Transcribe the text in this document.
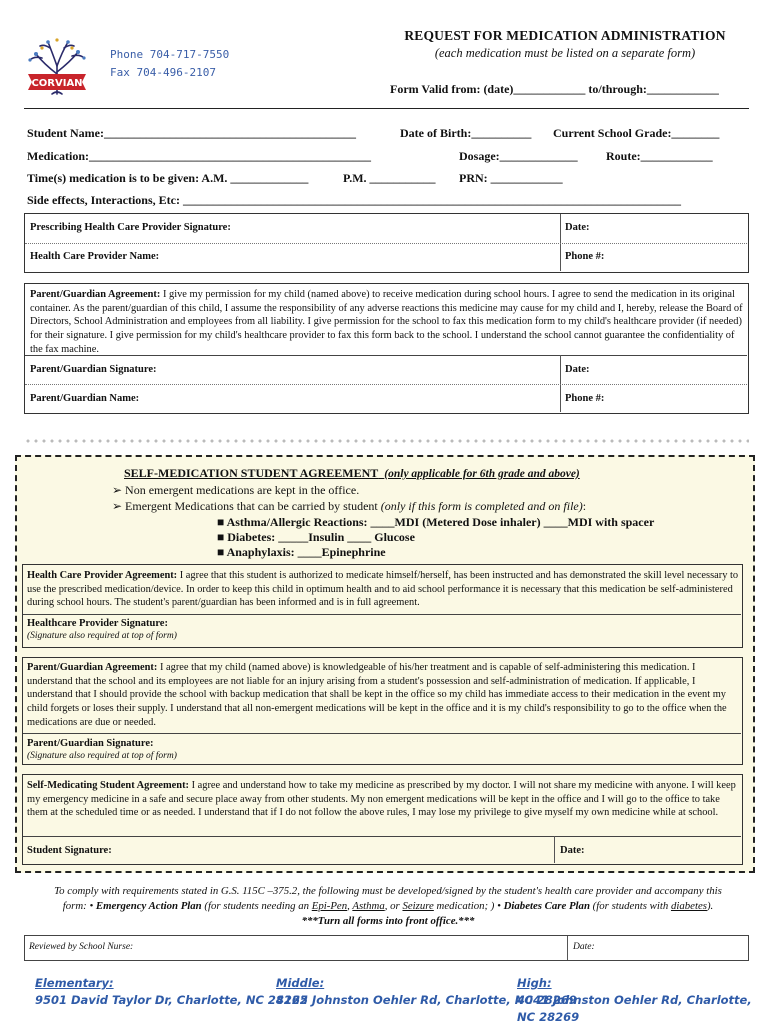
CORVIAN
Phone 704-717-7550
Fax 704-496-2107
REQUEST FOR MEDICATION ADMINISTRATION
(each medication must be listed on a separate form)
Form Valid from: (date)____________ to/through:____________
Student Name:__________________________________________	Date of Birth:__________ Current School Grade:________
Medication:_______________________________________________	Dosage:_____________ Route:____________
Time(s) medication is to be given: A.M. _____________	P.M. ___________ PRN: ____________
Side effects, Interactions, Etc: ___________________________________________________________________________________
Prescribing Health Care Provider Signature:	Date:
Health Care Provider Name:	Phone #:
Parent/Guardian Agreement: I give my permission for my child (named above) to receive medication during school hours. I agree to send the medication in its original container. As the parent/guardian of this child, I assume the responsibility of any adverse reactions this medicine may cause for my child and I, hereby, release the Board of Directors, School Administration and employees from all liability. I give permission for the school to fax this medication form to my child's healthcare provider (if needed) for their signature. I give permission for my child's healthcare provider to fax this form back to the school. I understand the school cannot guarantee the confidentiality of the fax machine.
Parent/Guardian Signature:	Date:
Parent/Guardian Name:	Phone #:
SELF-MEDICATION STUDENT AGREEMENT (only applicable for 6th grade and above)
➢ Non emergent medications are kept in the office.
➢ Emergent Medications that can be carried by student (only if this form is completed and on file):
■ Asthma/Allergic Reactions: ____MDI (Metered Dose inhaler) ____MDI with spacer
■ Diabetes: _____Insulin ____ Glucose
■ Anaphylaxis: ____Epinephrine
Health Care Provider Agreement: I agree that this student is authorized to medicate himself/herself, has been instructed and has demonstrated the skill level necessary to use the prescribed medication/device. In order to keep this child in optimum health and to aid school performance it is necessary that this medication be self-administered during school hours. The student's parent/guardian has been informed and is in full agreement.
Healthcare Provider Signature:
(Signature also required at top of form)
Parent/Guardian Agreement: I agree that my child (named above) is knowledgeable of his/her treatment and is capable of self-administering this medication. I understand that the school and its employees are not liable for an injury arising from a student's possession and self-administration of medication. If applicable, I understand that I should provide the school with backup medication that shall be kept in the office so my child has immediate access to their medication in the event my child forgets or loses their supply. I understand that all non-emergent medications will be kept in the office and it is my child's responsibility to go to the office when the medications are due or needed.
Parent/Guardian Signature:
(Signature also required at top of form)
Self-Medicating Student Agreement: I agree and understand how to take my medicine as prescribed by my doctor. I will not share my medicine with anyone. I will keep my emergency medicine in a safe and secure place away from other students. My non emergent medications will be kept in the office and I will go to the office to take them at the scheduled time or as needed. I understand that if I do not follow the above rules, I may lose my privilege to give myself my own medicine while at school.
Student Signature:	Date:
To comply with requirements stated in G.S. 115C –375.2, the following must be developed/signed by the student's health care provider and accompany this
form: • Emergency Action Plan (for students needing an Epi-Pen, Asthma, or Seizure medication; ) • Diabetes Care Plan (for students with diabetes).
***Turn all forms into front office.***
Reviewed by School Nurse:	Date:
Elementary:
9501 David Taylor Dr, Charlotte, NC 28262
Middle:
4125 Johnston Oehler Rd, Charlotte, NC 28269
High:
4041 Johnston Oehler Rd, Charlotte, NC 28269
